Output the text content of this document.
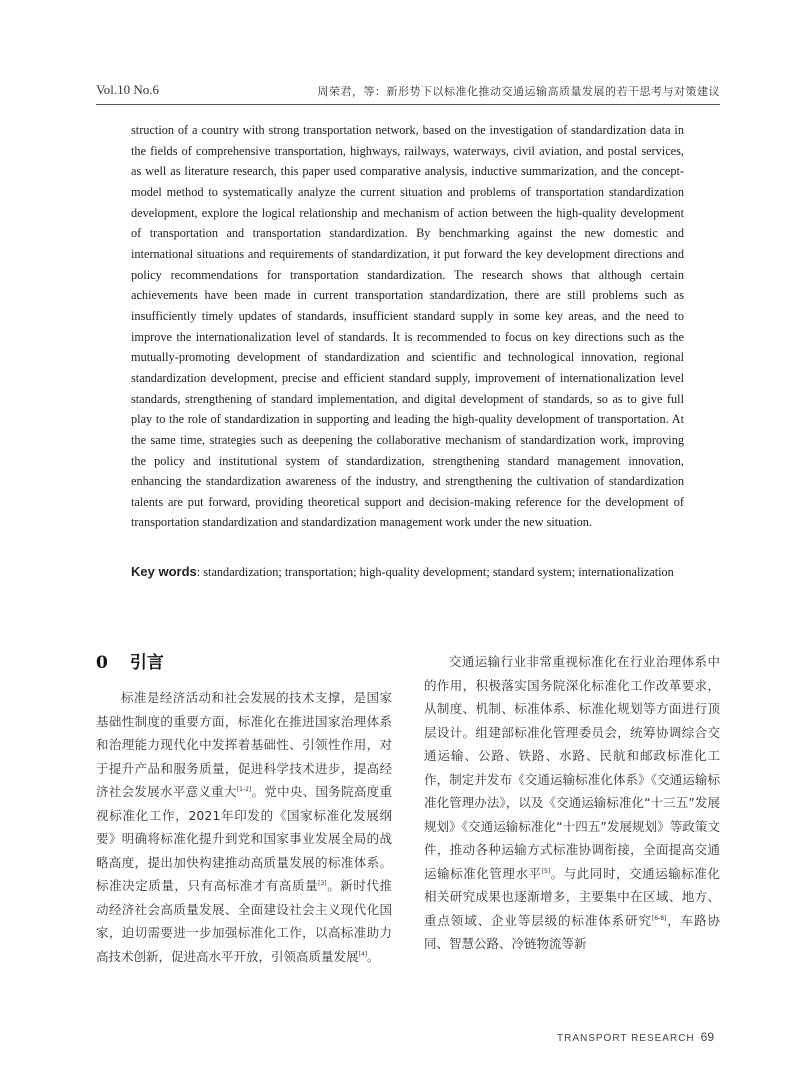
Vol.10 No.6	周荣君，等：新形势下以标准化推动交通运输高质量发展的若干思考与对策建议

struction of a country with strong transportation network, based on the investigation of standardization data in the fields of comprehensive transportation, highways, railways, waterways, civil aviation, and postal services, as well as literature research, this paper used comparative analysis, inductive summarization, and the concept-model method to systematically analyze the current situation and problems of transportation standardization development, explore the logical relationship and mechanism of action between the high-quality development of transportation and transportation standardization. By benchmarking against the new domestic and international situations and requirements of standardization, it put forward the key development directions and policy recommendations for transportation standardization. The research shows that although certain achievements have been made in current transportation standardization, there are still problems such as insufficiently timely updates of standards, insufficient standard supply in some key areas, and the need to improve the internationalization level of standards. It is recommended to focus on key directions such as the mutually-promoting development of standardization and scientific and technological innovation, regional standardization development, precise and efficient standard supply, improvement of internationalization level standards, strengthening of standard implementation, and digital development of standards, so as to give full play to the role of standardization in supporting and leading the high-quality development of transportation. At the same time, strategies such as deepening the collaborative mechanism of standardization work, improving the policy and institutional system of standardization, strengthening standard management innovation, enhancing the standardization awareness of the industry, and strengthening the cultivation of standardization talents are put forward, providing theoretical support and decision-making reference for the development of transportation standardization and standardization management work under the new situation.

Key words: standardization; transportation; high-quality development; standard system; internationalization
0 引言

标准是经济活动和社会发展的技术支撑，是国家基础性制度的重要方面，标准化在推进国家治理体系和治理能力现代化中发挥着基础性、引领性作用，对于提升产品和服务质量，促进科学技术进步，提高经济社会发展水平意义重大[1-2]。党中央、国务院高度重视标准化工作，2021年印发的《国家标准化发展纲要》明确将标准化提升到党和国家事业发展全局的战略高度，提出加快构建推动高质量发展的标准体系。标准决定质量，只有高标准才有高质量[3]。新时代推动经济社会高质量发展、全面建设社会主义现代化国家，迫切需要进一步加强标准化工作，以高标准助力高技术创新，促进高水平开放，引领高质量发展[4]。

交通运输行业非常重视标准化在行业治理体系中的作用，积极落实国务院深化标准化工作改革要求，从制度、机制、标准体系、标准化规划等方面进行顶层设计。组建部标准化管理委员会，统筹协调综合交通运输、公路、铁路、水路、民航和邮政标准化工作，制定并发布《交通运输标准化体系》《交通运输标准化管理办法》，以及《交通运输标准化“十三五”发展规划》《交通运输标准化“十四五”发展规划》等政策文件，推动各种运输方式标准协调衔接，全面提高交通运输标准化管理水平[5]。与此同时，交通运输标准化相关研究成果也逐渐增多，主要集中在区域、地方、重点领域、企业等层级的标准体系研究[6-8]，车路协同、智慧公路、冷链物流等新

TRANSPORT RESEARCH 69
